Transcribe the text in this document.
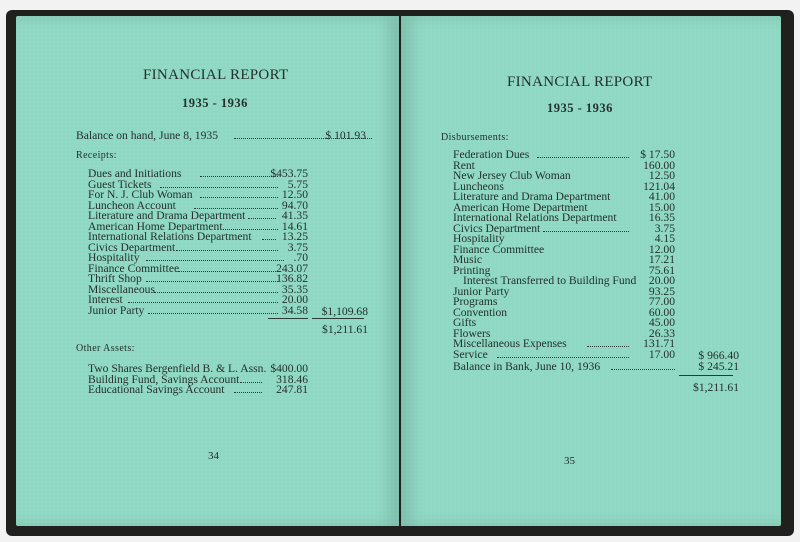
FINANCIAL REPORT
1935 - 1936
Balance on hand, June 8, 1935	$ 101.93
Receipts:
Dues and Initiations	$453.75
Guest Tickets	5.75
For N. J. Club Woman	12.50
Luncheon Account	94.70
Literature and Drama Department	41.35
American Home Department	14.61
International Relations Department	13.25
Civics Department	3.75
Hospitality	.70
Finance Committee	243.07
Thrift Shop	136.82
Miscellaneous	35.35
Interest	20.00
Junior Party	34.58	$1,109.68
$1,211.61
Other Assets:
Two Shares Bergenfield B. & L. Assn. $400.00
Building Fund, Savings Account	318.46
Educational Savings Account	247.81
34
FINANCIAL REPORT
1935 - 1936
Disbursements:
Federation Dues	$ 17.50
Rent	160.00
New Jersey Club Woman	12.50
Luncheons	121.04
Literature and Drama Department	41.00
American Home Department	15.00
International Relations Department	16.35
Civics Department	3.75
Hospitality	4.15
Finance Committee	12.00
Music	17.21
Printing	75.61
Interest Transferred to Building Fund	20.00
Junior Party	93.25
Programs	77.00
Convention	60.00
Gifts	45.00
Flowers	26.33
Miscellaneous Expenses	131.71
Service	17.00	$ 966.40
Balance in Bank, June 10, 1936	$ 245.21
$1,211.61
35
